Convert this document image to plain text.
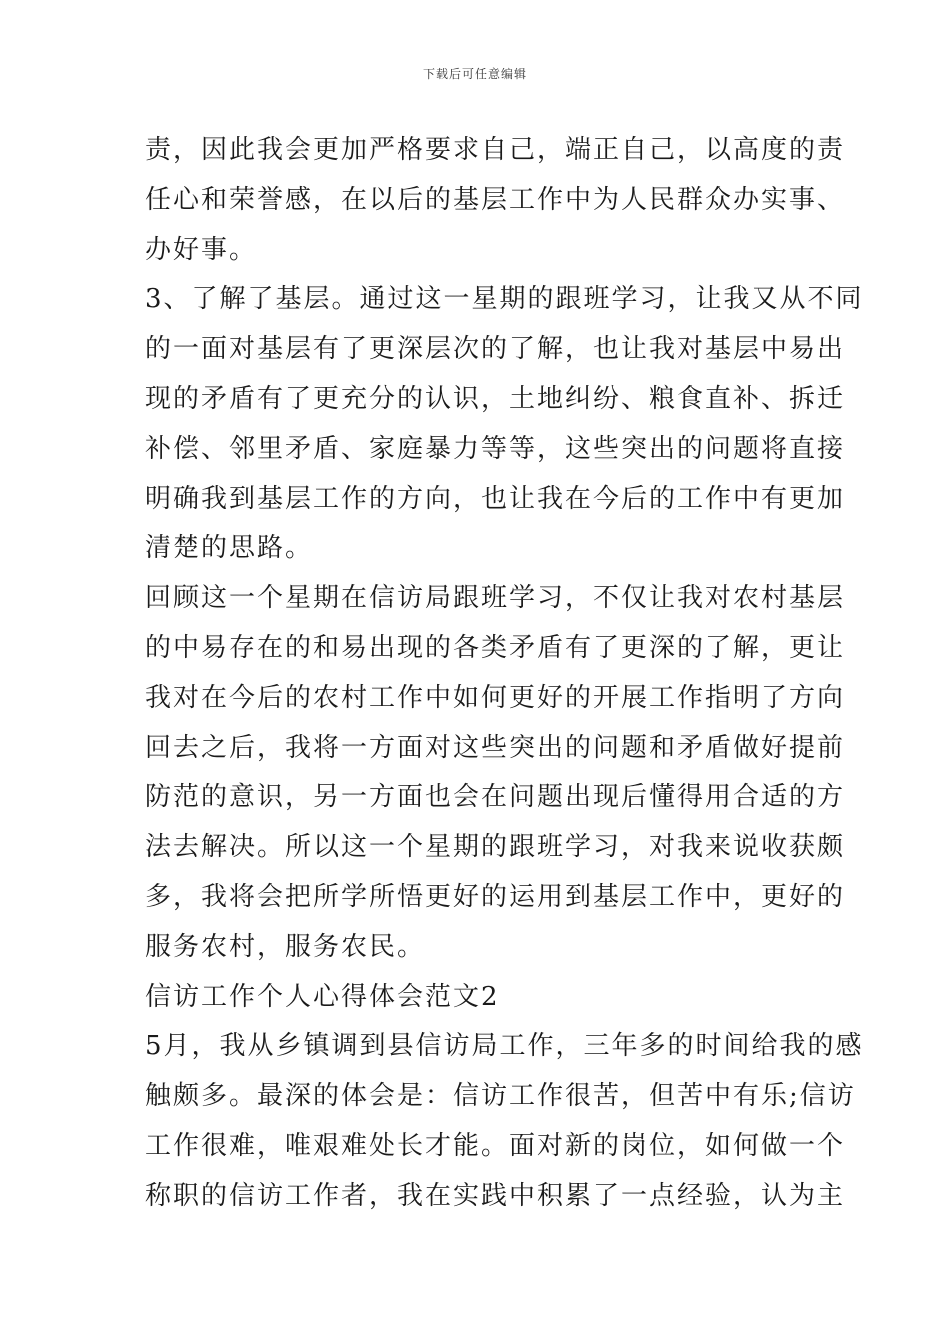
下载后可任意编辑
责，因此我会更加严格要求自己，端正自己，以高度的责
任心和荣誉感，在以后的基层工作中为人民群众办实事、
办好事。
3、了解了基层。通过这一星期的跟班学习，让我又从不同
的一面对基层有了更深层次的了解，也让我对基层中易出
现的矛盾有了更充分的认识，土地纠纷、粮食直补、拆迁
补偿、邻里矛盾、家庭暴力等等，这些突出的问题将直接
明确我到基层工作的方向，也让我在今后的工作中有更加
清楚的思路。
回顾这一个星期在信访局跟班学习，不仅让我对农村基层
的中易存在的和易出现的各类矛盾有了更深的了解，更让
我对在今后的农村工作中如何更好的开展工作指明了方向
回去之后，我将一方面对这些突出的问题和矛盾做好提前
防范的意识，另一方面也会在问题出现后懂得用合适的方
法去解决。所以这一个星期的跟班学习，对我来说收获颇
多，我将会把所学所悟更好的运用到基层工作中，更好的
服务农村，服务农民。
信访工作个人心得体会范文2
5月，我从乡镇调到县信访局工作，三年多的时间给我的感
触颇多。最深的体会是：信访工作很苦，但苦中有乐;信访
工作很难，唯艰难处长才能。面对新的岗位，如何做一个
称职的信访工作者，我在实践中积累了一点经验，认为主
